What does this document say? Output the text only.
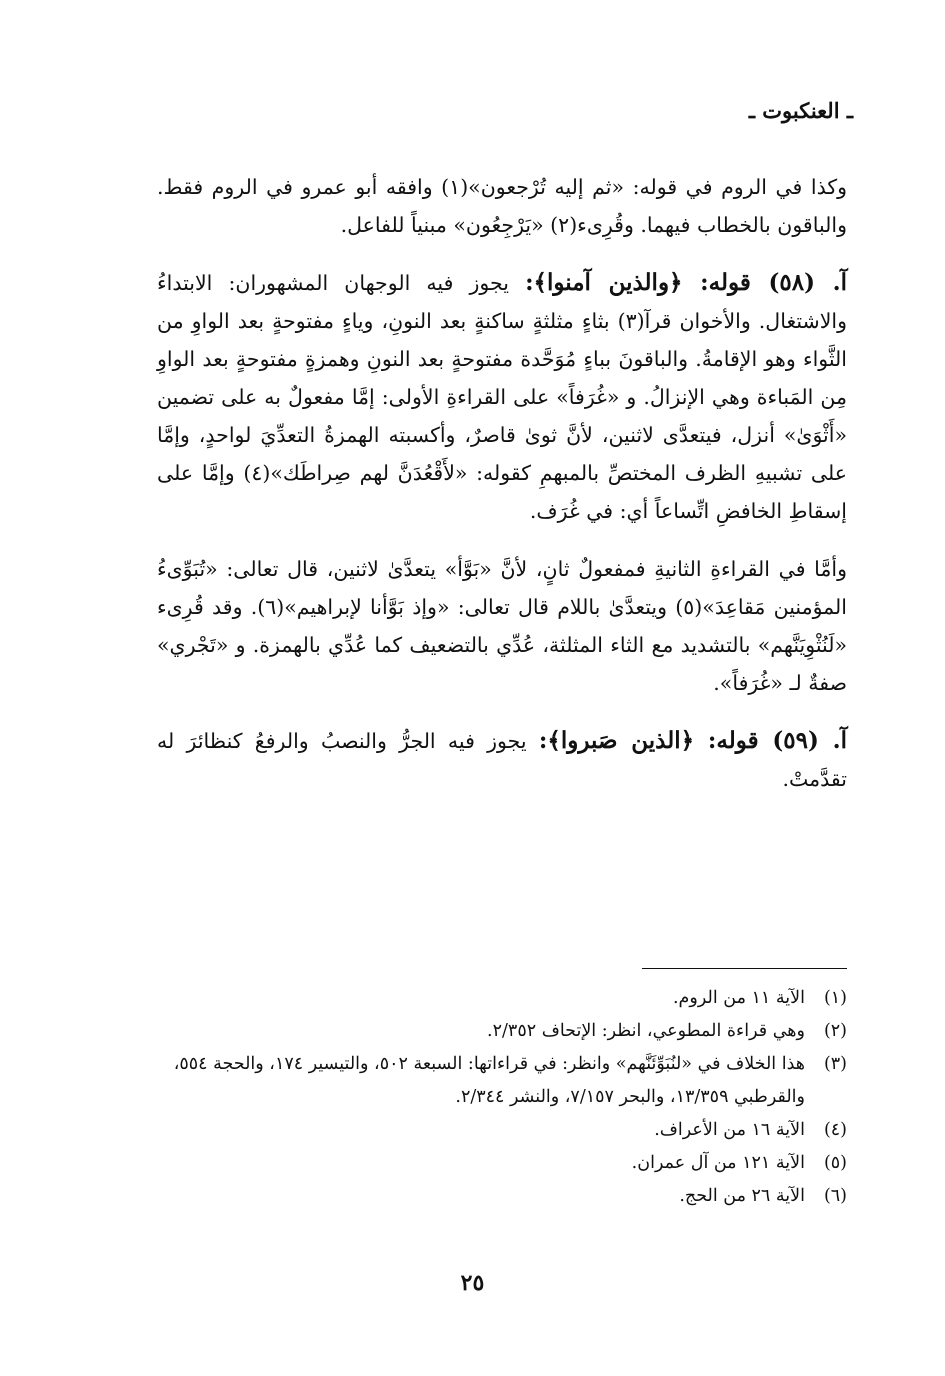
ـ العنكبوت ـ

وكذا في الروم في قوله: «ثم إليه تُرْجعون»(١) وافقه أبو عمرو في الروم فقط. والباقون بالخطاب فيهما. وقُرِىء(٢) «يَرْجِعُون» مبنياً للفاعل.

آ. (٥٨) قوله: ﴿والذين آمنوا﴾: يجوز فيه الوجهان المشهوران: الابتداءُ والاشتغال. والأخوان قرآ(٣) بثاءٍ مثلثةٍ ساكنةٍ بعد النونِ، وياءٍ مفتوحةٍ بعد الواوِ من الثَّواء وهو الإقامةُ. والباقونَ بباءٍ مُوَحَّدة مفتوحةٍ بعد النونِ وهمزةٍ مفتوحةٍ بعد الواوِ مِن المَباءة وهي الإنزالُ. و «غُرَفاً» على القراءةِ الأولى: إمَّا مفعولٌ به على تضمين «أَثْوَىٰ» أنزل، فيتعدَّى لاثنين، لأنَّ ثوىٰ قاصرٌ، وأكسبته الهمزةُ التعدِّيَ لواحدٍ، وإمَّا على تشبيهِ الظرف المختصِّ بالمبهمِ كقوله: «لأَقْعُدَنَّ لهم صِراطَك»(٤) وإمَّا على إسقاطِ الخافضِ اتِّساعاً أي: في غُرَف.

وأمَّا في القراءةِ الثانيةِ فمفعولٌ ثانٍ، لأنَّ «بَوَّأ» يتعدَّىٰ لاثنين، قال تعالى: «تُبَوِّىءُ المؤمنين مَقاعِدَ»(٥) ويتعدَّىٰ باللام قال تعالى: «وإذ بَوَّأنا لإبراهيم»(٦). وقد قُرِىء «لَنُثْوِيَنَّهم» بالتشديد مع الثاء المثلثة، عُدِّي بالتضعيف كما عُدِّي بالهمزة. و «تَجْري» صفةٌ لـ «غُرَفاً».

آ. (٥٩) قوله: ﴿الذين صَبروا﴾: يجوز فيه الجرُّ والنصبُ والرفعُ كنظائرَ له تقدَّمتْ.

(١)
الآية ١١ من الروم.

(٢)
وهي قراءة المطوعي، انظر: الإتحاف ٢/٣٥٢.

(٣)
هذا الخلاف في «لنُبَوِّئَنَّهم» وانظر: في قراءاتها: السبعة ٥٠٢، والتيسير ١٧٤، والحجة ٥٥٤، والقرطبي ١٣/٣٥٩، والبحر ٧/١٥٧، والنشر ٢/٣٤٤.

(٤)
الآية ١٦ من الأعراف.

(٥)
الآية ١٢١ من آل عمران.

(٦)
الآية ٢٦ من الحج.

٢٥
